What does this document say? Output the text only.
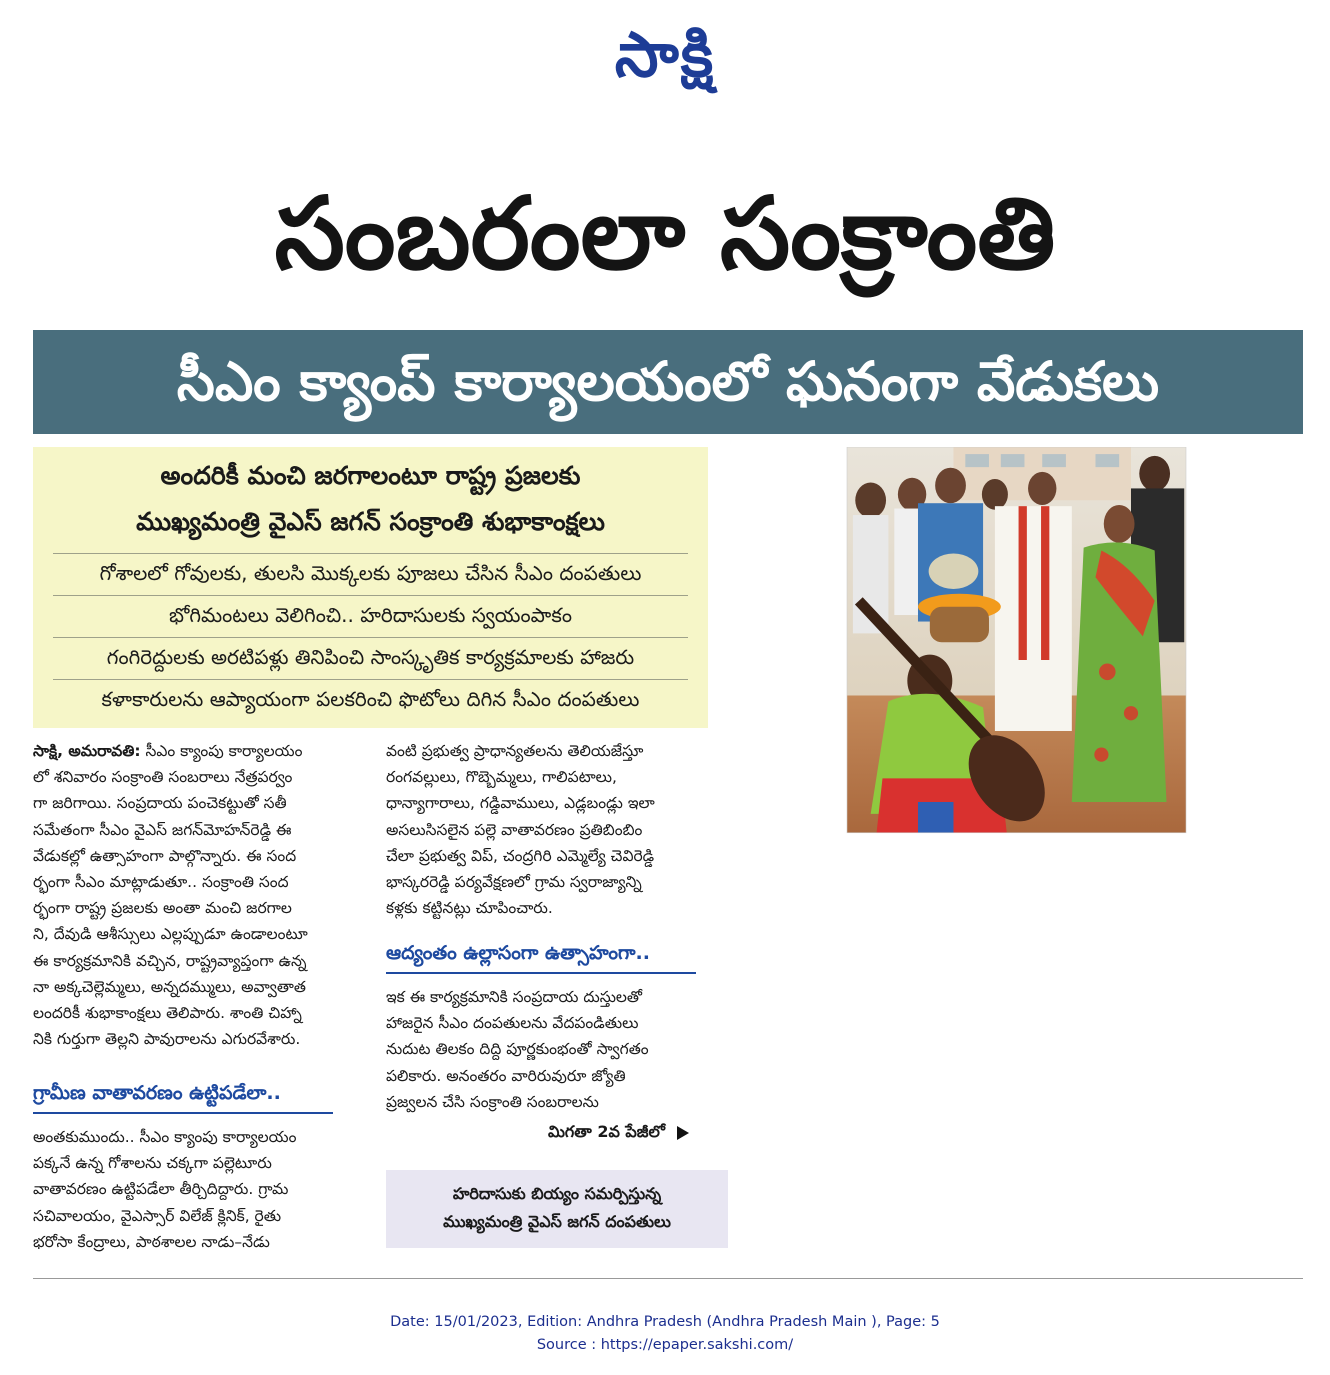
సాక్షి
సంబరంలా సంక్రాంతి
సీఎం క్యాంప్ కార్యాలయంలో ఘనంగా వేడుకలు
అందరికీ మంచి జరగాలంటూ రాష్ట్ర ప్రజలకు
ముఖ్యమంత్రి వైఎస్ జగన్ సంక్రాంతి శుభాకాంక్షలు
గోశాలలో గోవులకు, తులసి మొక్కలకు పూజలు చేసిన సీఎం దంపతులు
భోగిమంటలు వెలిగించి.. హరిదాసులకు స్వయంపాకం
గంగిరెద్దులకు అరటిపళ్లు తినిపించి సాంస్కృతిక కార్యక్రమాలకు హాజరు
కళాకారులను ఆప్యాయంగా పలకరించి ఫొటోలు దిగిన సీఎం దంపతులు

సాక్షి, అమరావతి: సీఎం క్యాంపు కార్యాలయం

లో శనివారం సంక్రాంతి సంబరాలు నేత్రపర్వం

గా జరిగాయి. సంప్రదాయ పంచెకట్టుతో సతీ

సమేతంగా సీఎం వైఎస్ జగన్‌మోహన్‌రెడ్డి ఈ

వేడుకల్లో ఉత్సాహంగా పాల్గొన్నారు. ఈ సంద

ర్భంగా సీఎం మాట్లాడుతూ.. సంక్రాంతి సంద

ర్భంగా రాష్ట్ర ప్రజలకు అంతా మంచి జరగాల

ని, దేవుడి ఆశీస్సులు ఎల్లప్పుడూ ఉండాలంటూ

ఈ కార్యక్రమానికి వచ్చిన, రాష్ట్రవ్యాప్తంగా ఉన్న

నా అక్కచెల్లెమ్మలు, అన్నదమ్ములు, అవ్వాతాత

లందరికీ శుభాకాంక్షలు తెలిపారు. శాంతి చిహ్నా

నికి గుర్తుగా తెల్లని పావురాలను ఎగురవేశారు.

గ్రామీణ వాతావరణం ఉట్టిపడేలా..

అంతకుముందు.. సీఎం క్యాంపు కార్యాలయం

పక్కనే ఉన్న గోశాలను చక్కగా పల్లెటూరు

వాతావరణం ఉట్టిపడేలా తీర్చిదిద్దారు. గ్రామ

సచివాలయం, వైఎస్సార్ విలేజ్ క్లినిక్, రైతు

భరోసా కేంద్రాలు, పాఠశాలల నాడు–నేడు

వంటి ప్రభుత్వ ప్రాధాన్యతలను తెలియజేస్తూ

రంగవల్లులు, గొబ్బెమ్మలు, గాలిపటాలు,

ధాన్యాగారాలు, గడ్డివాములు, ఎడ్లబండ్లు ఇలా

అసలుసిసలైన పల్లె వాతావరణం ప్రతిబింబిం

చేలా ప్రభుత్వ విప్, చంద్రగిరి ఎమ్మెల్యే చెవిరెడ్డి

భాస్కరరెడ్డి పర్యవేక్షణలో గ్రామ స్వరాజ్యాన్ని

కళ్లకు కట్టినట్లు చూపించారు.

ఆద్యంతం ఉల్లాసంగా ఉత్సాహంగా..

ఇక ఈ కార్యక్రమానికి సంప్రదాయ దుస్తులతో

హాజరైన సీఎం దంపతులను వేదపండితులు

నుదుట తిలకం దిద్ది పూర్ణకుంభంతో స్వాగతం

పలికారు. అనంతరం వారిరువురూ జ్యోతి

ప్రజ్వలన చేసి సంక్రాంతి సంబరాలను

మిగతా 2వ పేజీలో
హరిదాసుకు బియ్యం సమర్పిస్తున్న
ముఖ్యమంత్రి వైఎస్ జగన్ దంపతులు
Date: 15/01/2023, Edition: Andhra Pradesh (Andhra Pradesh Main ), Page: 5
Source : https://epaper.sakshi.com/
